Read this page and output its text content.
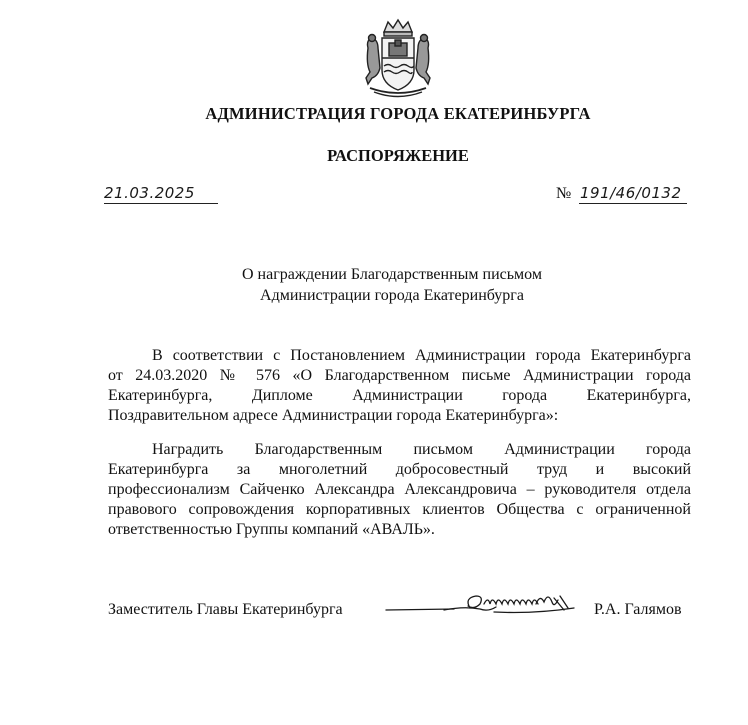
АДМИНИСТРАЦИЯ ГОРОДА ЕКАТЕРИНБУРГА
РАСПОРЯЖЕНИЕ
21.03.2025	№ 191/46/0132
О награждении Благодарственным письмом
Администрации города Екатеринбурга
В соответствии с Постановлением Администрации города Екатеринбурга
от 24.03.2020 № 576 «О Благодарственном письме Администрации города
Екатеринбурга, Дипломе Администрации города Екатеринбурга,
Поздравительном адресе Администрации города Екатеринбурга»:
Наградить Благодарственным письмом Администрации города
Екатеринбурга за многолетний добросовестный труд и высокий
профессионализм Сайченко Александра Александровича – руководителя отдела
правового сопровождения корпоративных клиентов Общества с ограниченной
ответственностью Группы компаний «АВАЛЬ».
Заместитель Главы Екатеринбурга	Р.А. Галямов
